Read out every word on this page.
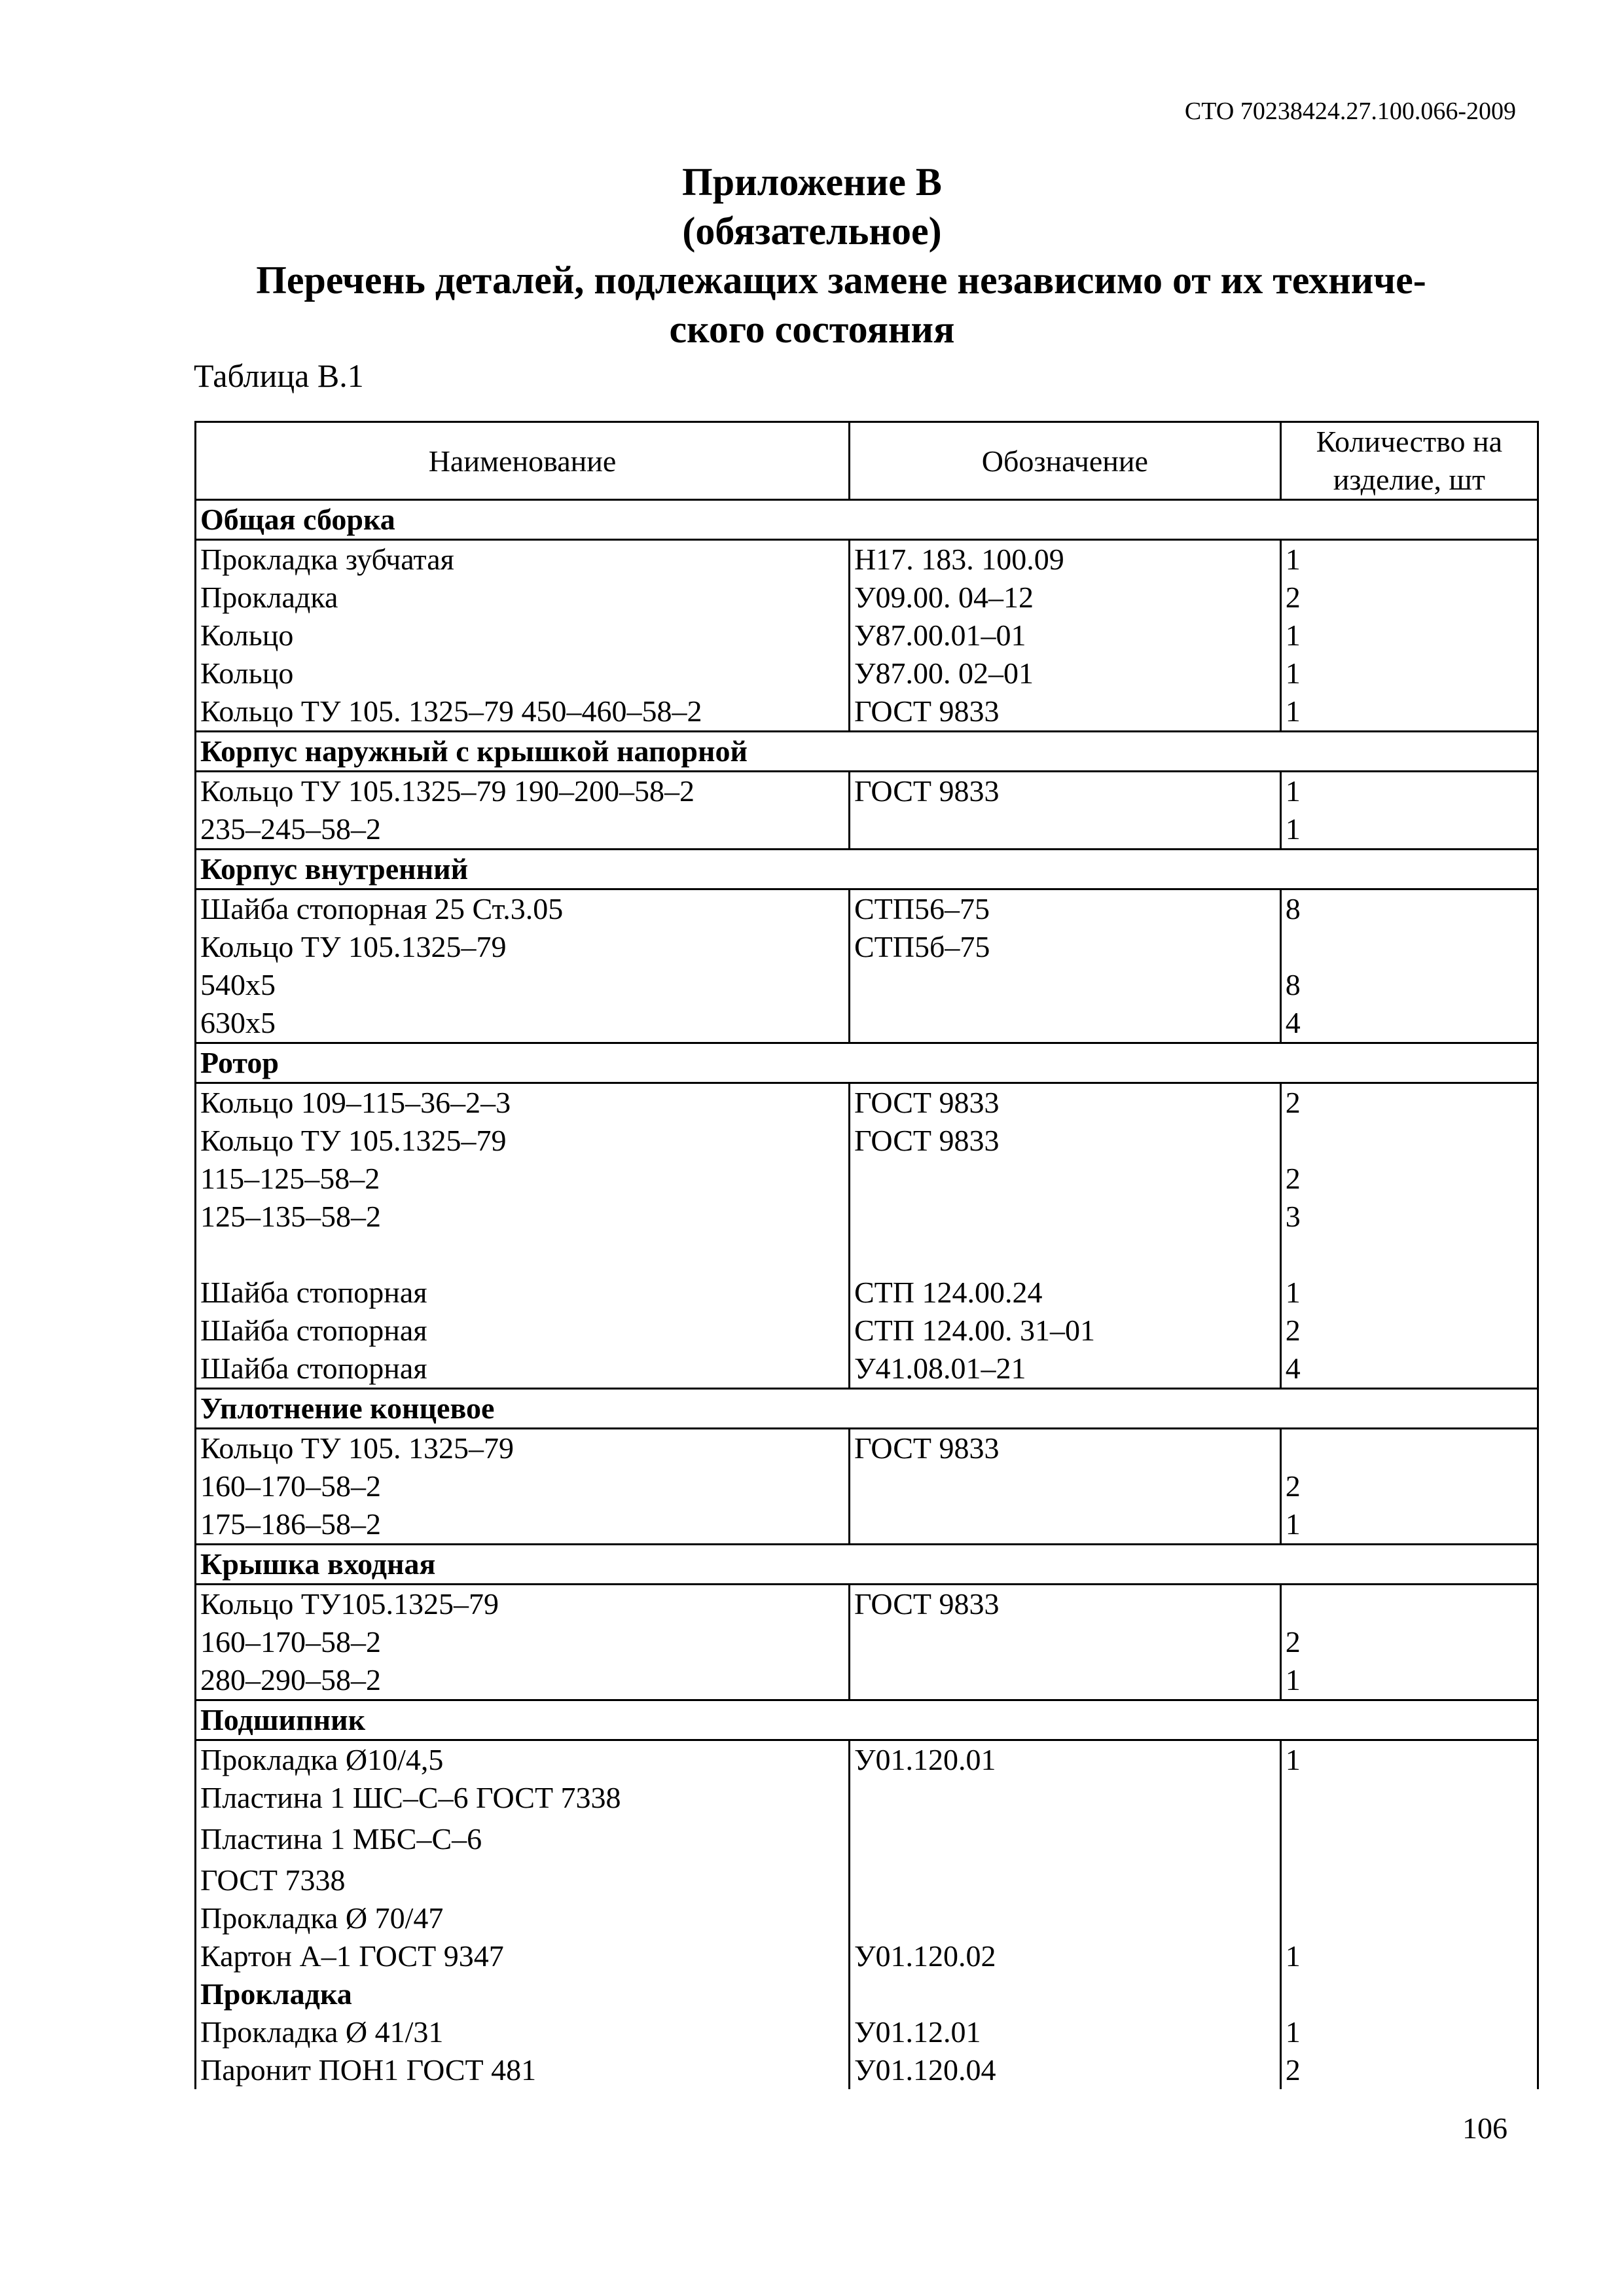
СТО 70238424.27.100.066-2009
Приложение В
(обязательное)
Перечень деталей, подлежащих замене независимо от их техниче-
ского состояния
Таблица В.1
Наименование	Обозначение	Количество на
изделие, шт
Общая сборка		
Прокладка зубчатая	Н17. 183. 100.09	1
Прокладка	У09.00. 04–12	2
Кольцо	У87.00.01–01	1
Кольцо	У87.00. 02–01	1
Кольцо ТУ 105. 1325–79 450–460–58–2	ГОСТ 9833	1
Корпус наружный с крышкой напорной		
Кольцо ТУ 105.1325–79 190–200–58–2	ГОСТ 9833	1
235–245–58–2		1
Корпус внутренний		
Шайба стопорная 25 Ст.3.05	СТП56–75	8
Кольцо ТУ 105.1325–79	СТП5б–75	
540х5		8
630х5		4
Ротор		
Кольцо 109–115–36–2–3	ГОСТ 9833	2
Кольцо ТУ 105.1325–79	ГОСТ 9833	
115–125–58–2		2
125–135–58–2		3

Шайба стопорная	СТП 124.00.24	1
Шайба стопорная	СТП 124.00. 31–01	2
Шайба стопорная	У41.08.01–21	4
Уплотнение концевое		
Кольцо ТУ 105. 1325–79	ГОСТ 9833	
160–170–58–2		2
175–186–58–2		1
Крышка входная		
Кольцо ТУ105.1325–79	ГОСТ 9833	
160–170–58–2		2
280–290–58–2		1
Подшипник		
Прокладка Ø10/4,5	У01.120.01	1
Пластина 1 ШС–С–6 ГОСТ 7338		
Пластина 1 МБС–С–6		
ГОСТ 7338		
Прокладка Ø 70/47		
Картон А–1 ГОСТ 9347	У01.120.02	1
Прокладка		
Прокладка Ø 41/31	У01.12.01	1
Паронит ПОН1 ГОСТ 481	У01.120.04	2
106
